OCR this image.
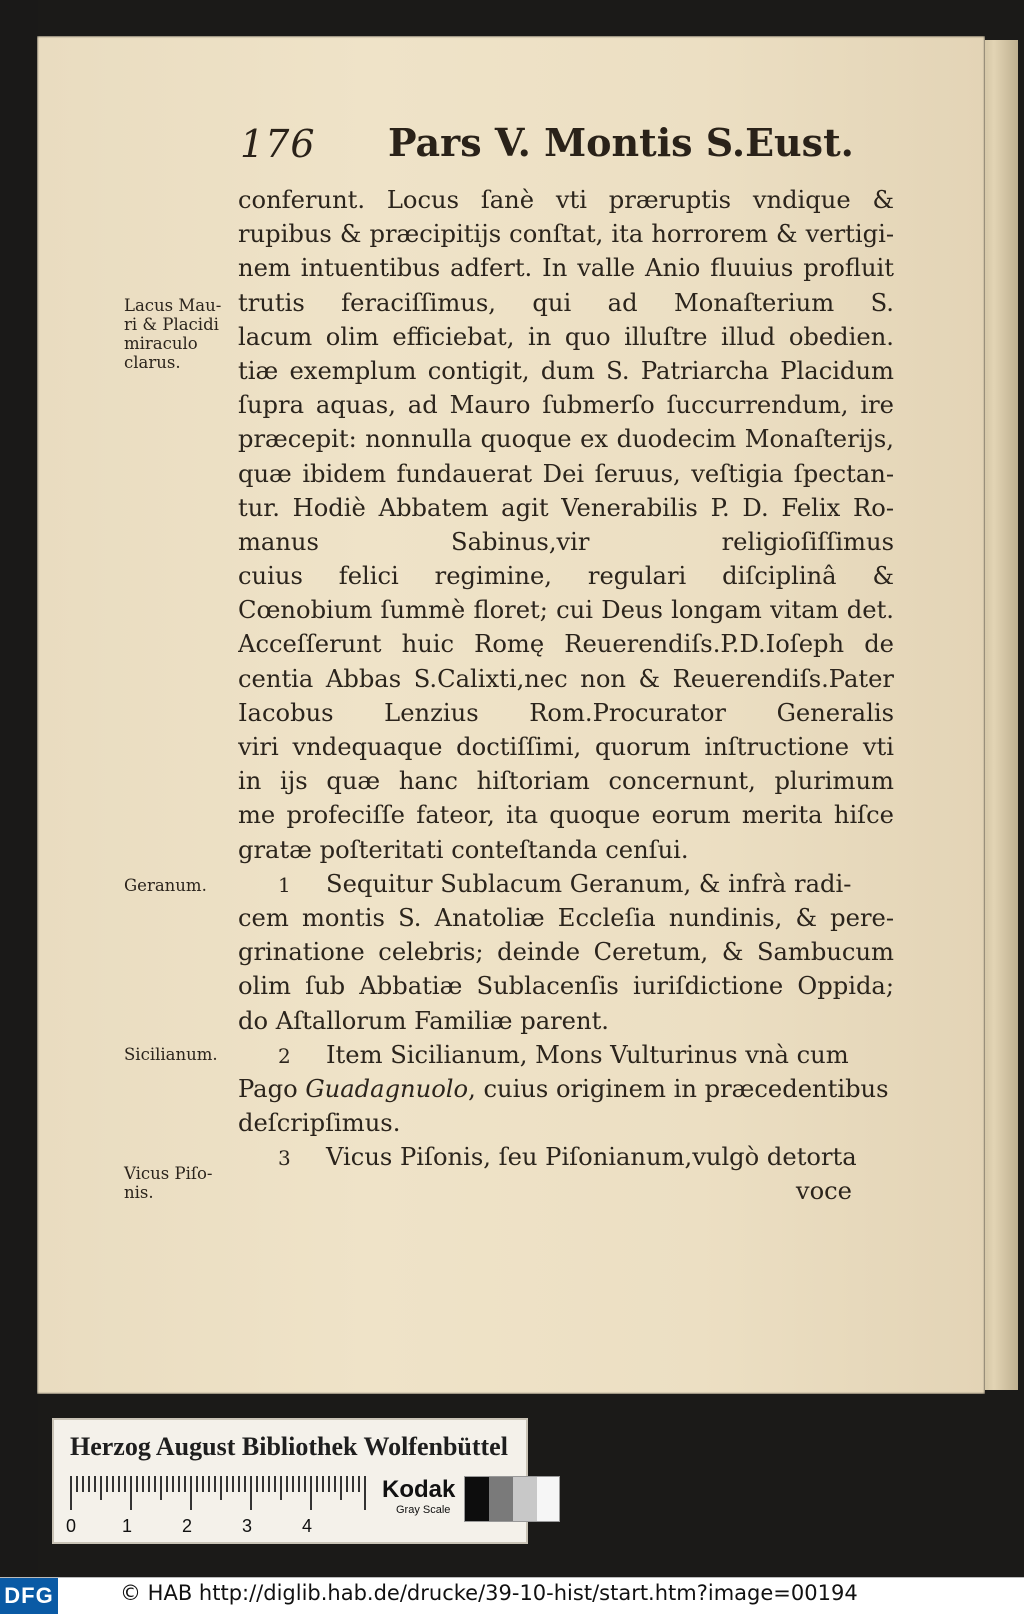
176 Pars V. Montis S.Eust.
Lacus Mau-
ri & Placidi
miraculo
clarus.
Geranum.
Sicilianum.
Vicus Piſo-
nis.
conferunt. Locus ſanè vti præruptis vndique &
rupibus & præcipitijs conſtat, ita horrorem & vertigi-
nem intuentibus adfert. In valle Anio fluuius profluit
trutis feraciſſimus, qui ad Monaſterium S.
lacum olim efficiebat, in quo illuſtre illud obedien.
tiæ exemplum contigit, dum S. Patriarcha Placidum
ſupra aquas, ad Mauro ſubmerſo ſuccurrendum, ire
præcepit: nonnulla quoque ex duodecim Monaſterijs,
quæ ibidem fundauerat Dei ſeruus, veſtigia ſpectan-
tur. Hodiè Abbatem agit Venerabilis P. D. Felix Ro-
manus Sabinus,vir religioſiſſimus
cuius felici regimine, regulari diſciplinâ &
Cœnobium ſummè floret; cui Deus longam vitam det.
Acceſſerunt huic Romę Reuerendiſs.P.D.Ioſeph de
centia Abbas S.Calixti,nec non & Reuerendiſs.Pater
Iacobus Lenzius Rom.Procurator Generalis
viri vndequaque doctiſſimi, quorum inſtructione vti
in ijs quæ hanc hiſtoriam concernunt, plurimum
me profeciſſe fateor, ita quoque eorum merita hiſce
gratæ poſteritati conteſtanda cenſui.
1 Sequitur Sublacum Geranum, & infrà radi-
cem montis S. Anatoliæ Eccleſia nundinis, & pere-
grinatione celebris; deinde Ceretum, & Sambucum
olim ſub Abbatiæ Sublacenſis iuriſdictione Oppida;
do Aſtallorum Familiæ parent.
2 Item Sicilianum, Mons Vulturinus vnà cum
Pago Guadagnuolo, cuius originem in præcedentibus
deſcripſimus.
3 Vicus Piſonis, ſeu Piſonianum,vulgò detorta
voce
Herzog August Bibliothek Wolfenbüttel
0	1	2	3	4
Kodak
Gray Scale
DFG	© HAB http://diglib.hab.de/drucke/39-10-hist/start.htm?image=00194
